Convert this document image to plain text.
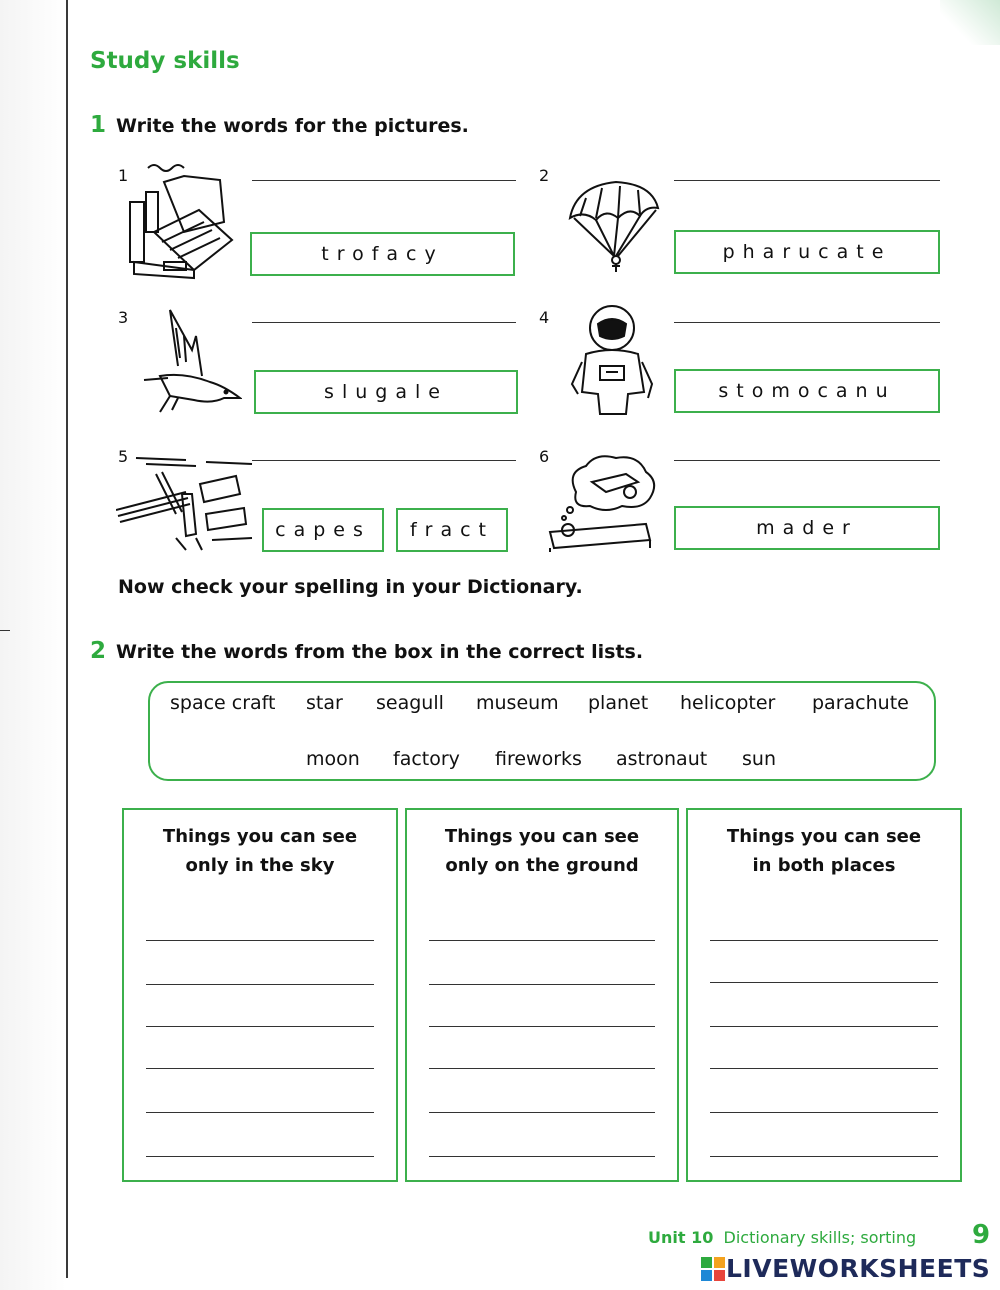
Study skills
1 Write the words for the pictures.
1
trofacy
2
pharucate
3
slugale
4
stomocanu
5
capes	fract
6
mader
Now check your spelling in your Dictionary.
2 Write the words from the box in the correct lists.
space craft star seagull museum planet helicopter parachute
moon factory fireworks astronaut sun
Things you can see
only in the sky
Things you can see
only on the ground
Things you can see
in both places
Unit 10 Dictionary skills; sorting 9
LIVEWORKSHEETS
